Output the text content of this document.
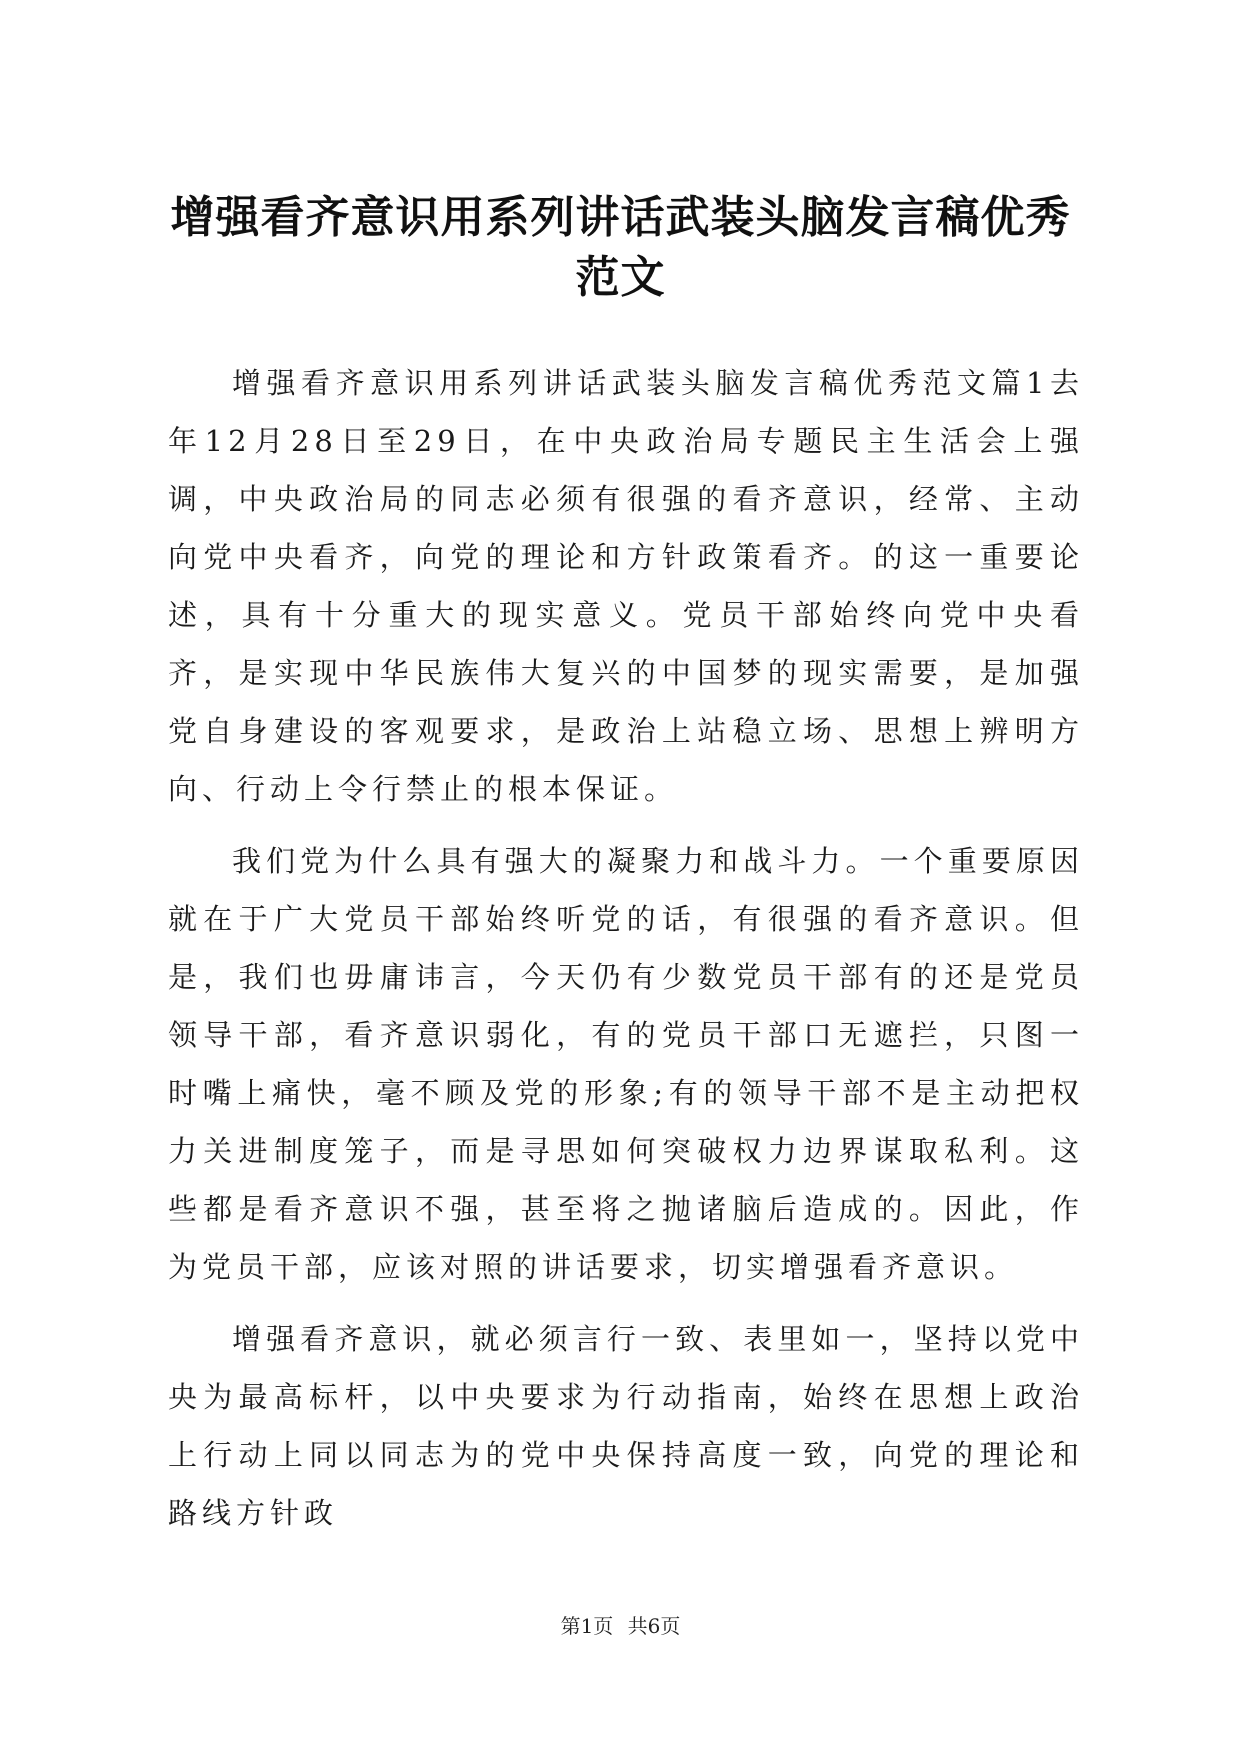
增强看齐意识用系列讲话武装头脑发言稿优秀范文

增强看齐意识用系列讲话武装头脑发言稿优秀范文篇1去年12月28日至29日，在中央政治局专题民主生活会上强调，中央政治局的同志必须有很强的看齐意识，经常、主动向党中央看齐，向党的理论和方针政策看齐。的这一重要论述，具有十分重大的现实意义。党员干部始终向党中央看齐，是实现中华民族伟大复兴的中国梦的现实需要，是加强党自身建设的客观要求，是政治上站稳立场、思想上辨明方向、行动上令行禁止的根本保证。

我们党为什么具有强大的凝聚力和战斗力。一个重要原因就在于广大党员干部始终听党的话，有很强的看齐意识。但是，我们也毋庸讳言，今天仍有少数党员干部有的还是党员领导干部，看齐意识弱化，有的党员干部口无遮拦，只图一时嘴上痛快，毫不顾及党的形象;有的领导干部不是主动把权力关进制度笼子，而是寻思如何突破权力边界谋取私利。这些都是看齐意识不强，甚至将之抛诸脑后造成的。因此，作为党员干部，应该对照的讲话要求，切实增强看齐意识。

增强看齐意识，就必须言行一致、表里如一，坚持以党中央为最高标杆，以中央要求为行动指南，始终在思想上政治上行动上同以同志为的党中央保持高度一致，向党的理论和路线方针政

第1页 共6页
